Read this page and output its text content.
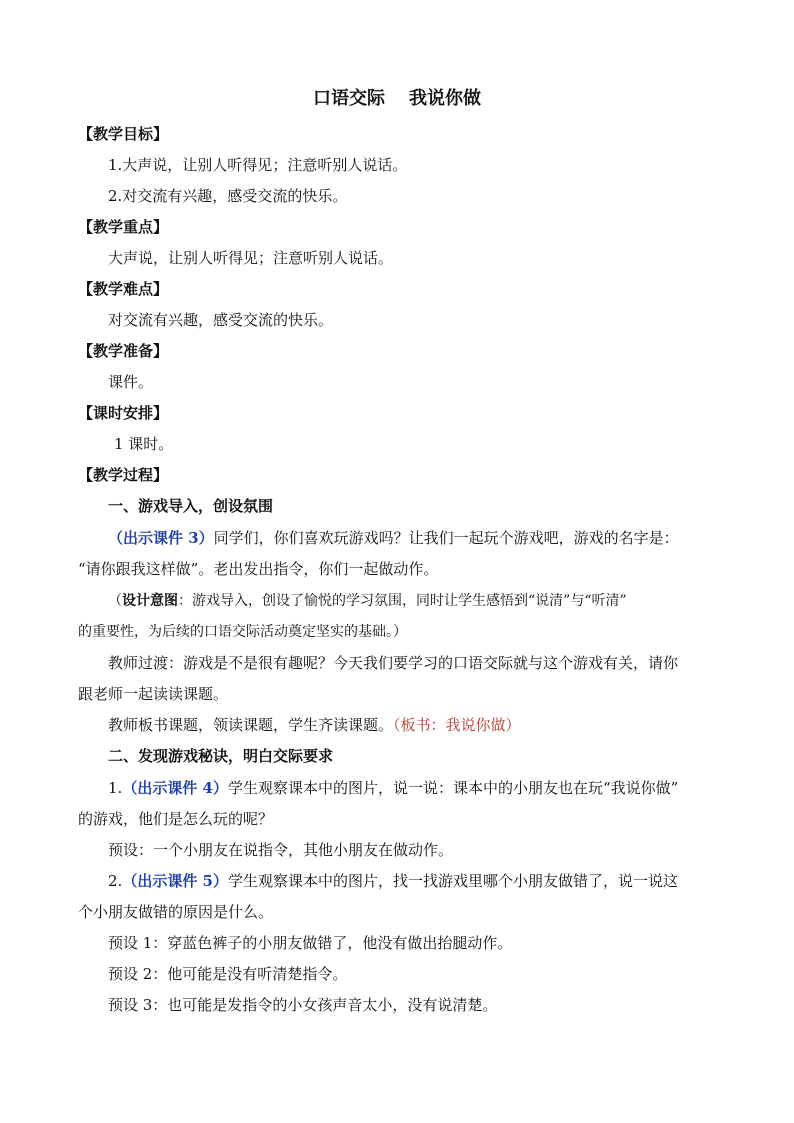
口语交际 我说你做
【教学目标】
1.大声说，让别人听得见；注意听别人说话。
2.对交流有兴趣，感受交流的快乐。
【教学重点】
大声说，让别人听得见；注意听别人说话。
【教学难点】
对交流有兴趣，感受交流的快乐。
【教学准备】
课件。
【课时安排】
1 课时。
【教学过程】
一、游戏导入，创设氛围
（出示课件 3）同学们，你们喜欢玩游戏吗？让我们一起玩个游戏吧，游戏的名字是：
“请你跟我这样做”。老出发出指令，你们一起做动作。
（设计意图：游戏导入，创设了愉悦的学习氛围，同时让学生感悟到“说清”与“听清”
的重要性，为后续的口语交际活动奠定坚实的基础。）
教师过渡：游戏是不是很有趣呢？今天我们要学习的口语交际就与这个游戏有关，请你
跟老师一起读读课题。
教师板书课题，领读课题，学生齐读课题。（板书：我说你做）
二、发现游戏秘诀，明白交际要求
1.（出示课件 4）学生观察课本中的图片，说一说：课本中的小朋友也在玩“我说你做”
的游戏，他们是怎么玩的呢？
预设：一个小朋友在说指令，其他小朋友在做动作。
2.（出示课件 5）学生观察课本中的图片，找一找游戏里哪个小朋友做错了，说一说这
个小朋友做错的原因是什么。
预设 1：穿蓝色裤子的小朋友做错了，他没有做出抬腿动作。
预设 2：他可能是没有听清楚指令。
预设 3：也可能是发指令的小女孩声音太小，没有说清楚。
